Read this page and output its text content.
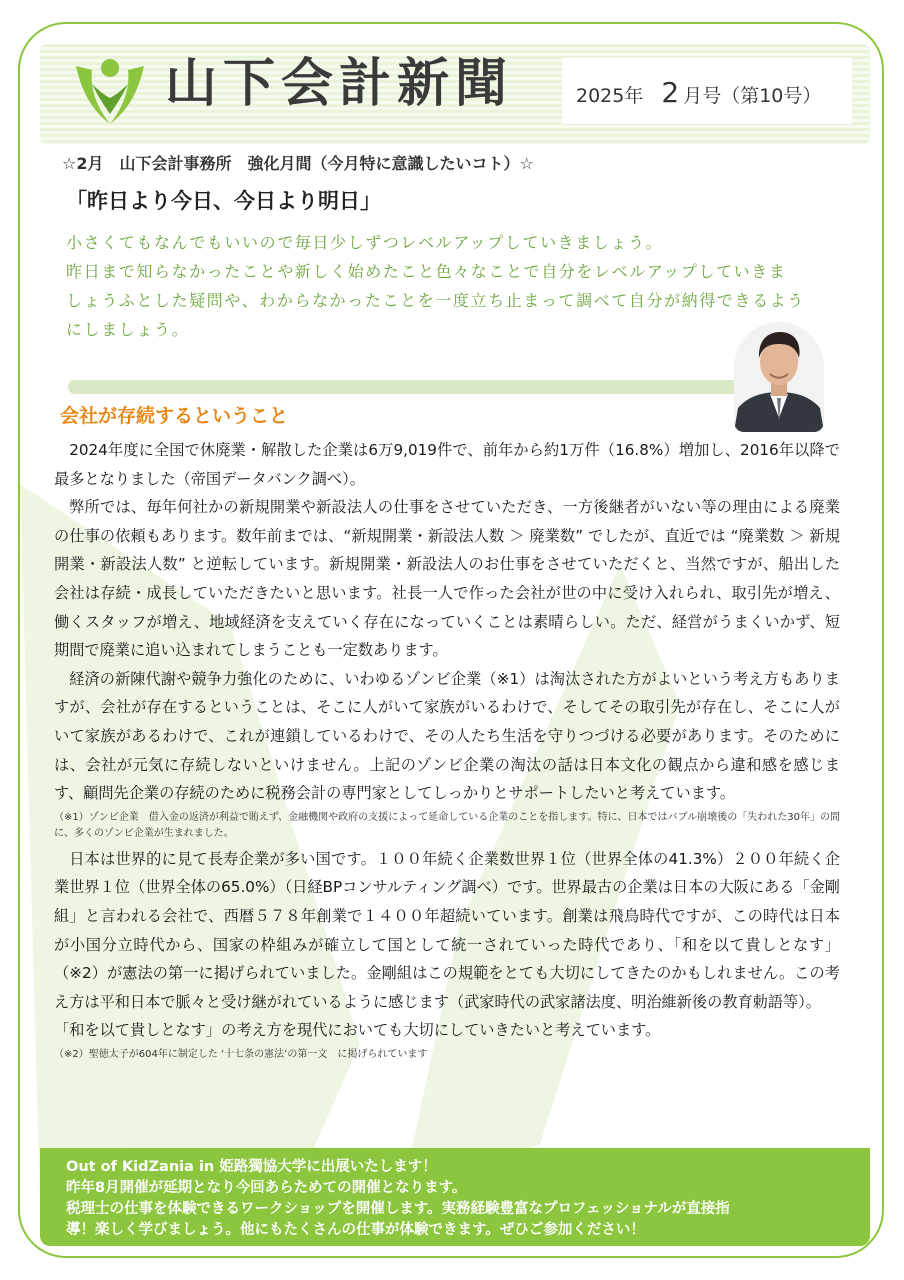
山下会計新聞	2025年 2 月号（第10号）

☆2月　山下会計事務所　強化月間（今月特に意識したいコト）☆

「昨日より今日、今日より明日」

小さくてもなんでもいいので毎日少しずつレベルアップしていきましょう。
昨日まで知らなかったことや新しく始めたこと色々なことで自分をレベルアップしていきま
しょうふとした疑問や、わからなかったことを一度立ち止まって調べて自分が納得できるよう
にしましょう。
会社が存続するということ

2024年度に全国で休廃業・解散した企業は6万9,019件で、前年から約1万件（16.8%）増加し、2016年以降で最多となりました（帝国データバンク調べ）。

弊所では、毎年何社かの新規開業や新設法人の仕事をさせていただき、一方後継者がいない等の理由による廃業の仕事の依頼もあります。数年前までは、“新規開業・新設法人数 ＞ 廃業数” でしたが、直近では “廃業数 ＞ 新規開業・新設法人数” と逆転しています。新規開業・新設法人のお仕事をさせていただくと、当然ですが、船出した会社は存続・成長していただきたいと思います。社長一人で作った会社が世の中に受け入れられ、取引先が増え、働くスタッフが増え、地域経済を支えていく存在になっていくことは素晴らしい。ただ、経営がうまくいかず、短期間で廃業に追い込まれてしまうことも一定数あります。

経済の新陳代謝や競争力強化のために、いわゆるゾンビ企業（※1）は淘汰された方がよいという考え方もありますが、会社が存在するということは、そこに人がいて家族がいるわけで、そしてその取引先が存在し、そこに人がいて家族があるわけで、これが連鎖しているわけで、その人たち生活を守りつづける必要があります。そのためには、会社が元気に存続しないといけません。上記のゾンビ企業の淘汰の話は日本文化の観点から違和感を感じます、顧問先企業の存続のために税務会計の専門家としてしっかりとサポートしたいと考えています。

（※1）ゾンビ企業　借入金の返済が利益で賄えず、金融機関や政府の支援によって延命している企業のことを指します。特に、日本ではバブル崩壊後の「失われた30年」の間に、多くのゾンビ企業が生まれました。

日本は世界的に見て長寿企業が多い国です。１００年続く企業数世界１位（世界全体の41.3%）２００年続く企業世界１位（世界全体の65.0%）（日経BPコンサルティング調べ）です。世界最古の企業は日本の大阪にある「金剛組」と言われる会社で、西暦５７８年創業で１４００年超続いています。創業は飛鳥時代ですが、この時代は日本が小国分立時代から、国家の枠組みが確立して国として統一されていった時代であり、「和を以て貴しとなす」（※2）が憲法の第一に掲げられていました。金剛組はこの規範をとても大切にしてきたのかもしれません。この考え方は平和日本で脈々と受け継がれているように感じます（武家時代の武家諸法度、明治維新後の教育勅語等）。

「和を以て貴しとなす」の考え方を現代においても大切にしていきたいと考えています。

（※2）聖徳太子が604年に制定した ‘十七条の憲法’の第一文　に掲げられています

Out of KidZania in 姫路獨協大学に出展いたします！

昨年8月開催が延期となり今回あらためての開催となります。

税理士の仕事を体験できるワークショップを開催します。実務経験豊富なプロフェッショナルが直接指

導！楽しく学びましょう。他にもたくさんの仕事が体験できます。ぜひご参加ください！
